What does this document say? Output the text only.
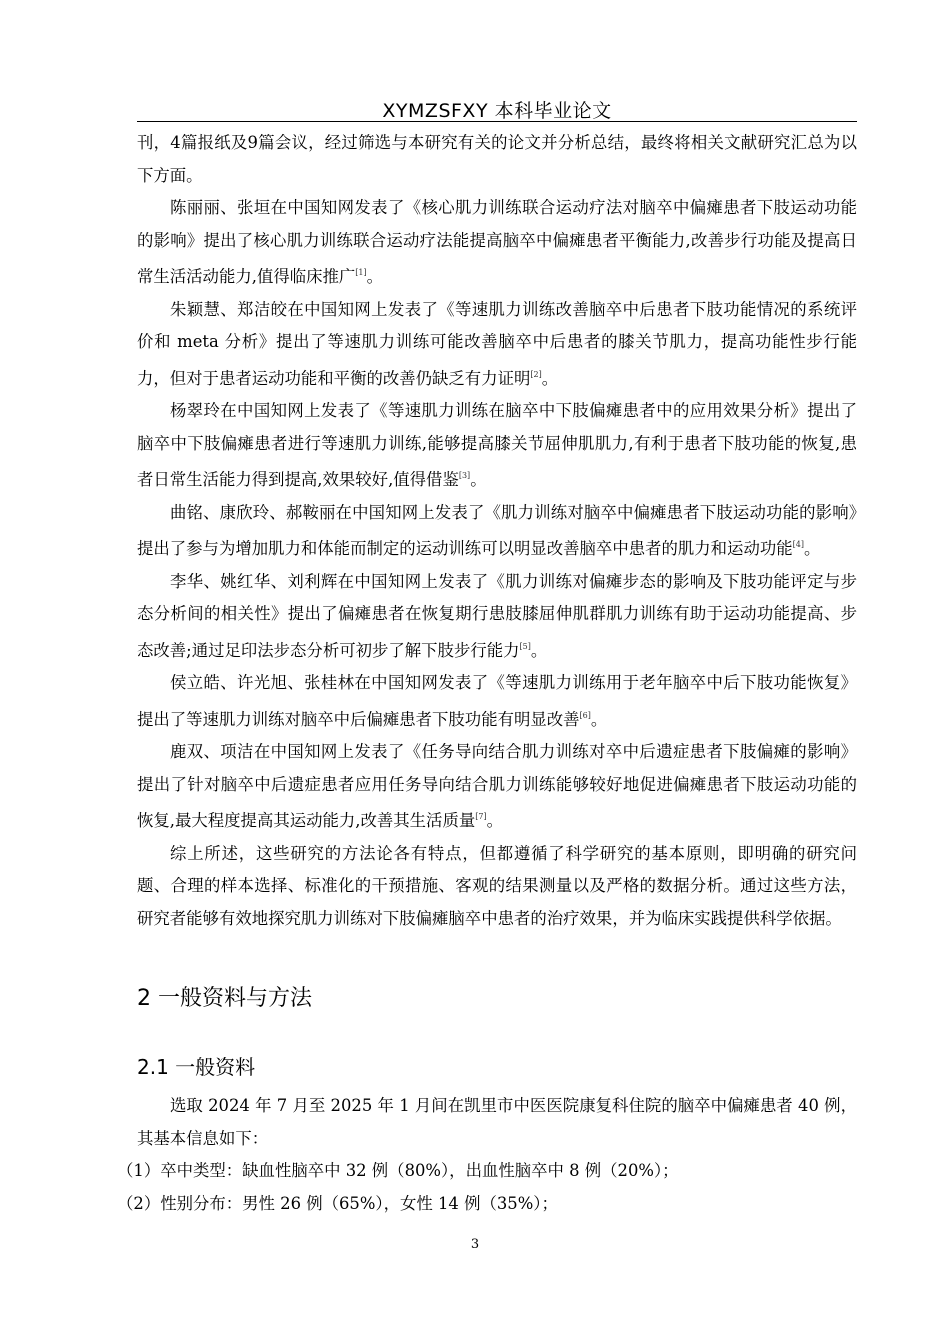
XYMZSFXY 本科毕业论文

刊，4篇报纸及9篇会议，经过筛选与本研究有关的论文并分析总结，最终将相关文献研究汇总为以下方面。

陈丽丽、张垣在中国知网发表了《核心肌力训练联合运动疗法对脑卒中偏瘫患者下肢运动功能的影响》提出了核心肌力训练联合运动疗法能提高脑卒中偏瘫患者平衡能力,改善步行功能及提高日常生活活动能力,值得临床推广[1]。

朱颖慧、郑洁皎在中国知网上发表了《等速肌力训练改善脑卒中后患者下肢功能情况的系统评价和 meta 分析》提出了等速肌力训练可能改善脑卒中后患者的膝关节肌力，提高功能性步行能力，但对于患者运动功能和平衡的改善仍缺乏有力证明[2]。

杨翠玲在中国知网上发表了《等速肌力训练在脑卒中下肢偏瘫患者中的应用效果分析》提出了脑卒中下肢偏瘫患者进行等速肌力训练,能够提高膝关节屈伸肌肌力,有利于患者下肢功能的恢复,患者日常生活能力得到提高,效果较好,值得借鉴[3]。

曲铭、康欣玲、郝鞍丽在中国知网上发表了《肌力训练对脑卒中偏瘫患者下肢运动功能的影响》提出了参与为增加肌力和体能而制定的运动训练可以明显改善脑卒中患者的肌力和运动功能[4]。

李华、姚红华、刘利辉在中国知网上发表了《肌力训练对偏瘫步态的影响及下肢功能评定与步态分析间的相关性》提出了偏瘫患者在恢复期行患肢膝屈伸肌群肌力训练有助于运动功能提高、步态改善;通过足印法步态分析可初步了解下肢步行能力[5]。

侯立皓、许光旭、张桂林在中国知网发表了《等速肌力训练用于老年脑卒中后下肢功能恢复》提出了等速肌力训练对脑卒中后偏瘫患者下肢功能有明显改善[6]。

鹿双、项洁在中国知网上发表了《任务导向结合肌力训练对卒中后遗症患者下肢偏瘫的影响》提出了针对脑卒中后遗症患者应用任务导向结合肌力训练能够较好地促进偏瘫患者下肢运动功能的恢复,最大程度提高其运动能力,改善其生活质量[7]。

综上所述，这些研究的方法论各有特点，但都遵循了科学研究的基本原则，即明确的研究问题、合理的样本选择、标准化的干预措施、客观的结果测量以及严格的数据分析。通过这些方法，研究者能够有效地探究肌力训练对下肢偏瘫脑卒中患者的治疗效果，并为临床实践提供科学依据。

2 一般资料与方法
2.1 一般资料

选取 2024 年 7 月至 2025 年 1 月间在凯里市中医医院康复科住院的脑卒中偏瘫患者 40 例，其基本信息如下：

（1）卒中类型：缺血性脑卒中 32 例（80%），出血性脑卒中 8 例（20%）；

（2）性别分布：男性 26 例（65%），女性 14 例（35%）；

3
